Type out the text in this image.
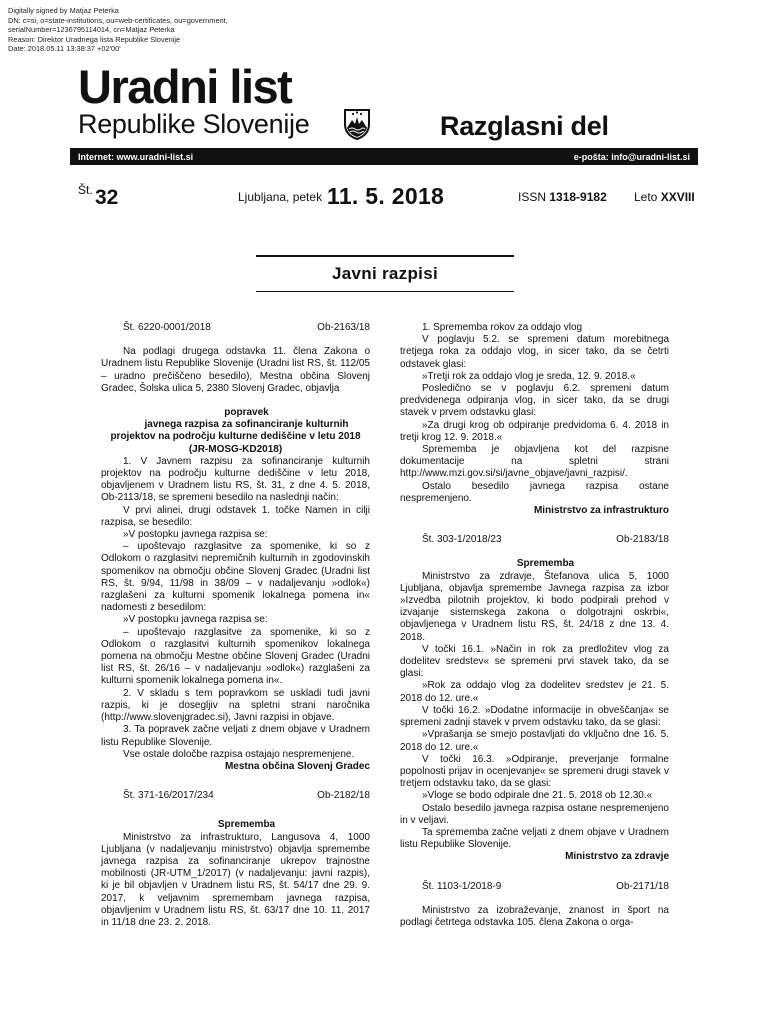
Digitally signed by Matjaz Peterka
DN: c=si, o=state-institutions, ou=web-certificates, ou=government,
serialNumber=1236795114014, cn=Matjaz Peterka
Reason: Direktor Uradnega lista Republike Slovenije
Date: 2018.05.11 13:38:37 +02'00'
Uradni list
Republike Slovenije	Razglasni del
Internet: www.uradni-list.si	e-pošta: info@uradni-list.si
Št. 32	Ljubljana, petek 11. 5. 2018	ISSN 1318-9182 Leto XXVIII
Javni razpisi

Št. 6220-0001/2018	Ob-2163/18

Na podlagi drugega odstavka 11. člena Zakona o Uradnem listu Republike Slovenije (Uradni list RS, št. 112/05 – uradno prečiščeno besedilo), Mestna občina Slovenj Gradec, Šolska ulica 5, 2380 Slovenj Gradec, objavlja

popravek

javnega razpisa za sofinanciranje kulturnih projektov na področju kulturne dediščine v letu 2018 (JR-MOSG-KD2018)

1. V Javnem razpisu za sofinanciranje kulturnih projektov na področju kulturne dediščine v letu 2018, objavljenem v Uradnem listu RS, št. 31, z dne 4. 5. 2018, Ob-2113/18, se spremeni besedilo na naslednji način:

V prvi alinei, drugi odstavek 1. točke Namen in cilji razpisa, se besedilo:

»V postopku javnega razpisa se:

– upoštevajo razglasitve za spomenike, ki so z Odlokom o razglasitvi nepremičnih kulturnih in zgodovinskih spomenikov na območju občine Slovenj Gradec (Uradni list RS, št. 9/94, 11/98 in 38/09 – v nadaljevanju »odlok«) razglašeni za kulturni spomenik lokalnega pomena in« nadomesti z besedilom:

»V postopku javnega razpisa se:

– upoštevajo razglasitve za spomenike, ki so z Odlokom o razglasitvi kulturnih spomenikov lokalnega pomena na območju Mestne občine Slovenj Gradec (Uradni list RS, št. 26/16 – v nadaljevanju »odlok«) razglašeni za kulturni spomenik lokalnega pomena in«.

2. V skladu s tem popravkom se uskladi tudi javni razpis, ki je dosegljiv na spletni strani naročnika (http://www.slovenjgradec.si), Javni razpisi in objave.

3. Ta popravek začne veljati z dnem objave v Uradnem listu Republike Slovenije.

Vse ostale določbe razpisa ostajajo nespremenjene.

Mestna občina Slovenj Gradec

Št. 371-16/2017/234	Ob-2182/18

Sprememba

Ministrstvo za infrastrukturo, Langusova 4, 1000 Ljubljana (v nadaljevanju ministrstvo) objavlja spremembe javnega razpisa za sofinanciranje ukrepov trajnostne mobilnosti (JR-UTM_1/2017) (v nadaljevanju: javni razpis), ki je bil objavljen v Uradnem listu RS, št. 54/17 dne 29. 9. 2017, k veljavnim spremembam javnega razpisa, objavljenim v Uradnem listu RS, št. 63/17 dne 10. 11. 2017 in 11/18 dne 23. 2. 2018.

1. Sprememba rokov za oddajo vlog

V poglavju 5.2. se spremeni datum morebitnega tretjega roka za oddajo vlog, in sicer tako, da se četrti odstavek glasi:

»Tretji rok za oddajo vlog je sreda, 12. 9. 2018.«

Posledično se v poglavju 6.2. spremeni datum predvidenega odpiranja vlog, in sicer tako, da se drugi stavek v prvem odstavku glasi:

»Za drugi krog ob odpiranje predvidoma 6. 4. 2018 in tretji krog 12. 9. 2018.«

Sprememba je objavljena kot del razpisne dokumentacije na spletni strani http://www.mzi.gov.si/si/javne_objave/javni_razpisi/.

Ostalo besedilo javnega razpisa ostane nespremenjeno.

Ministrstvo za infrastrukturo

Št. 303-1/2018/23	Ob-2183/18

Sprememba

Ministrstvo za zdravje, Štefanova ulica 5, 1000 Ljubljana, objavlja spremembe Javnega razpisa za izbor »Izvedba pilotnih projektov, ki bodo podpirali prehod v izvajanje sistemskega zakona o dolgotrajni oskrbi«, objavljenega v Uradnem listu RS, št. 24/18 z dne 13. 4. 2018.

V točki 16.1. »Način in rok za predložitev vlog za dodelitev sredstev« se spremeni prvi stavek tako, da se glasi:

»Rok za oddajo vlog za dodelitev sredstev je 21. 5. 2018 do 12. ure.«

V točki 16.2. »Dodatne informacije in obveščanja« se spremeni zadnji stavek v prvem odstavku tako, da se glasi:

»Vprašanja se smejo postavljati do vključno dne 16. 5. 2018 do 12. ure.«

V točki 16.3. »Odpiranje, preverjanje formalne popolnosti prijav in ocenjevanje« se spremeni drugi stavek v tretjem odstavku tako, da se glasi:

»Vloge se bodo odpirale dne 21. 5. 2018 ob 12.30.«

Ostalo besedilo javnega razpisa ostane nespremenjeno in v veljavi.

Ta sprememba začne veljati z dnem objave v Uradnem listu Republike Slovenije.

Ministrstvo za zdravje

Št. 1103-1/2018-9	Ob-2171/18

Ministrstvo za izobraževanje, znanost in šport na podlagi četrtega odstavka 105. člena Zakona o orga-
